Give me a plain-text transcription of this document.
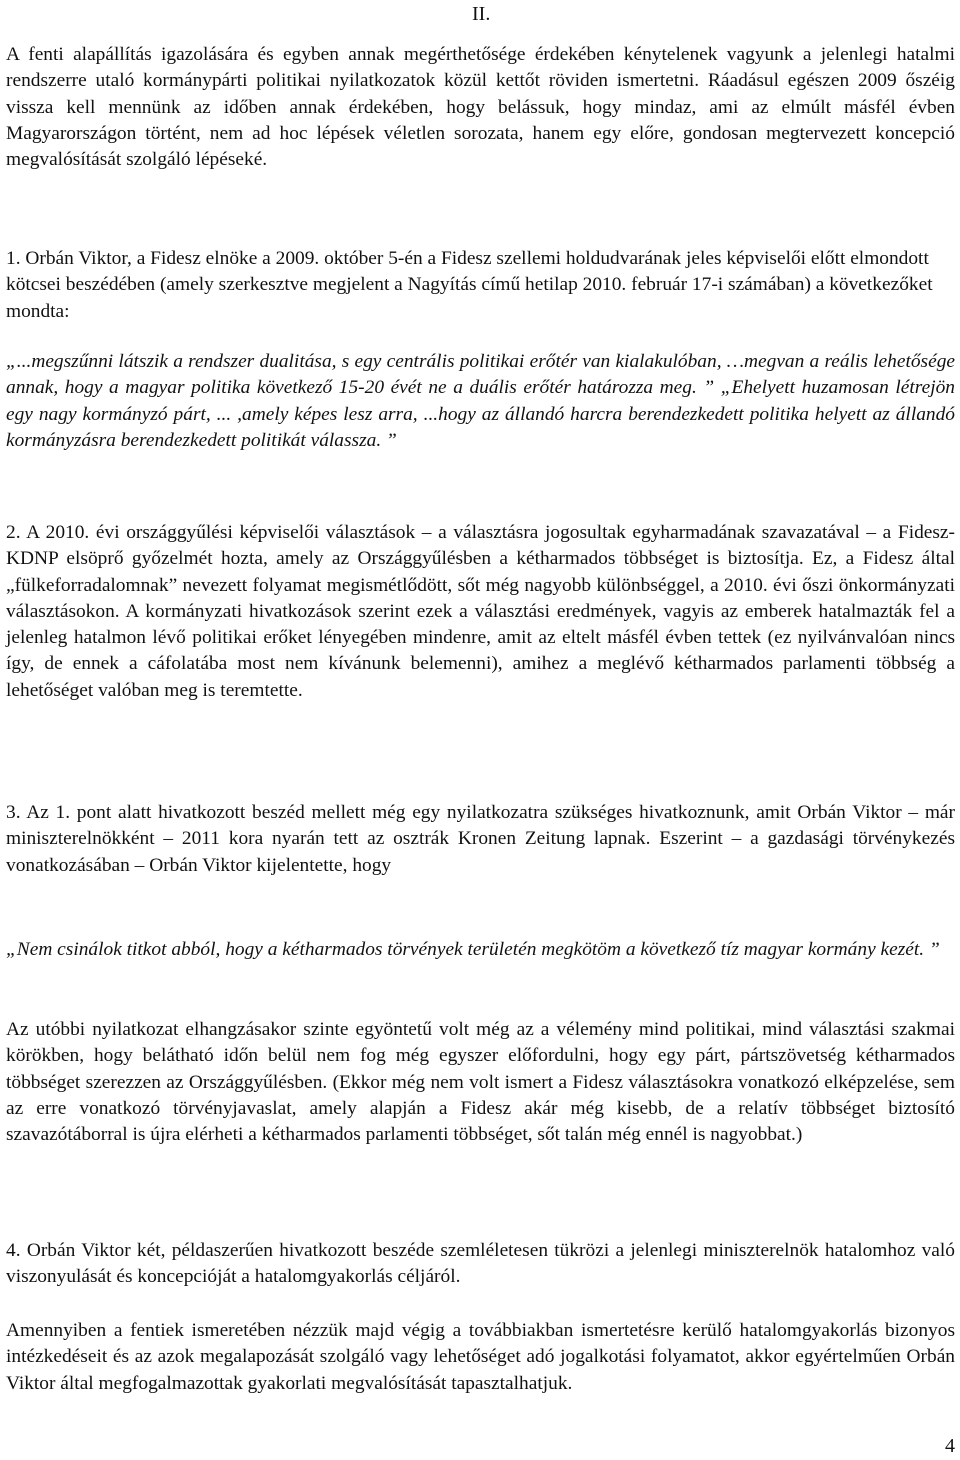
II.

A fenti alapállítás igazolására és egyben annak megérthetősége érdekében kénytelenek vagyunk a jelenlegi hatalmi rendszerre utaló kormánypárti politikai nyilatkozatok közül kettőt röviden ismertetni. Ráadásul egészen 2009 őszéig vissza kell mennünk az időben annak érdekében, hogy belássuk, hogy mindaz, ami az elmúlt másfél évben Magyarországon történt, nem ad hoc lépések véletlen sorozata, hanem egy előre, gondosan megtervezett koncepció megvalósítását szolgáló lépéseké.

1. Orbán Viktor, a Fidesz elnöke a 2009. október 5-én a Fidesz szellemi holdudvarának jeles képviselői előtt elmondott kötcsei beszédében (amely szerkesztve megjelent a Nagyítás című hetilap 2010. február 17-i számában) a következőket mondta:

„...megszűnni látszik a rendszer dualitása, s egy centrális politikai erőtér van kialakulóban, …megvan a reális lehetősége annak, hogy a magyar politika következő 15-20 évét ne a duális erőtér határozza meg. ” „Ehelyett huzamosan létrejön egy nagy kormányzó párt, ... ,amely képes lesz arra, ...hogy az állandó harcra berendezkedett politika helyett az állandó kormányzásra berendezkedett politikát válassza. ”

2. A 2010. évi országgyűlési képviselői választások – a választásra jogosultak egyharmadának szavazatával – a Fidesz-KDNP elsöprő győzelmét hozta, amely az Országgyűlésben a kétharmados többséget is biztosítja. Ez, a Fidesz által „fülkeforradalomnak” nevezett folyamat megismétlődött, sőt még nagyobb különbséggel, a 2010. évi őszi önkormányzati választásokon. A kormányzati hivatkozások szerint ezek a választási eredmények, vagyis az emberek hatalmazták fel a jelenleg hatalmon lévő politikai erőket lényegében mindenre, amit az eltelt másfél évben tettek (ez nyilvánvalóan nincs így, de ennek a cáfolatába most nem kívánunk belemenni), amihez a meglévő kétharmados parlamenti többség a lehetőséget valóban meg is teremtette.

3. Az 1. pont alatt hivatkozott beszéd mellett még egy nyilatkozatra szükséges hivatkoznunk, amit Orbán Viktor – már miniszterelnökként – 2011 kora nyarán tett az osztrák Kronen Zeitung lapnak. Eszerint – a gazdasági törvénykezés vonatkozásában – Orbán Viktor kijelentette, hogy

„Nem csinálok titkot abból, hogy a kétharmados törvények területén megkötöm a következő tíz magyar kormány kezét. ”

Az utóbbi nyilatkozat elhangzásakor szinte egyöntetű volt még az a vélemény mind politikai, mind választási szakmai körökben, hogy belátható időn belül nem fog még egyszer előfordulni, hogy egy párt, pártszövetség kétharmados többséget szerezzen az Országgyűlésben. (Ekkor még nem volt ismert a Fidesz választásokra vonatkozó elképzelése, sem az erre vonatkozó törvényjavaslat, amely alapján a Fidesz akár még kisebb, de a relatív többséget biztosító szavazótáborral is újra elérheti a kétharmados parlamenti többséget, sőt talán még ennél is nagyobbat.)

4. Orbán Viktor két, példaszerűen hivatkozott beszéde szemléletesen tükrözi a jelenlegi miniszterelnök hatalomhoz való viszonyulását és koncepcióját a hatalomgyakorlás céljáról.

Amennyiben a fentiek ismeretében nézzük majd végig a továbbiakban ismertetésre kerülő hatalomgyakorlás bizonyos intézkedéseit és az azok megalapozását szolgáló vagy lehetőséget adó jogalkotási folyamatot, akkor egyértelműen Orbán Viktor által megfogalmazottak gyakorlati megvalósítását tapasztalhatjuk.

4
